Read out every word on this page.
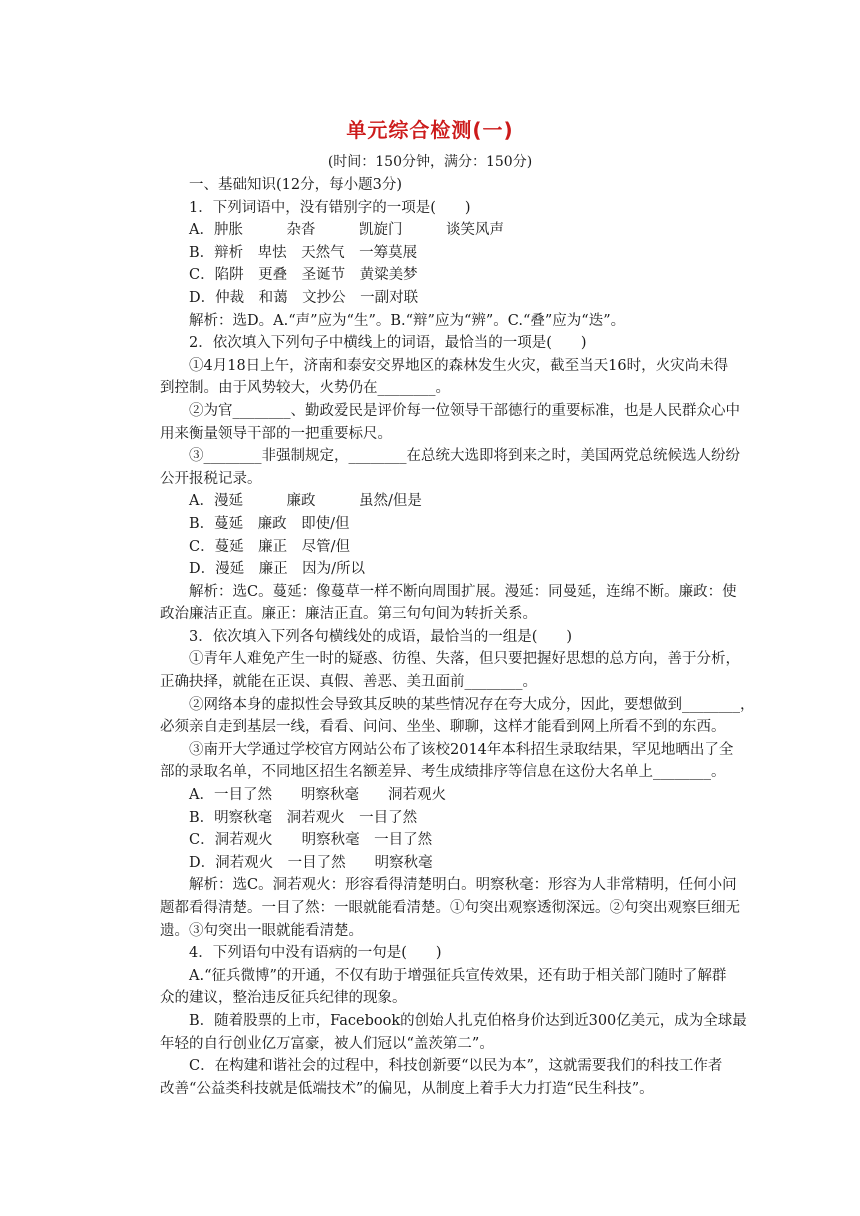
单元综合检测(一)
(时间：150分钟，满分：150分)
一、基础知识(12分，每小题3分)
1．下列词语中，没有错别字的一项是(　　)
A．肿胀　　　杂沓　　　凯旋门　　　谈笑风声
B．辩析　卑怯　天然气　一筹莫展
C．陷阱　更叠　圣诞节　黄粱美梦
D．仲裁　和蔼　文抄公　一副对联
解析：选D。A.“声”应为“生”。B.“辩”应为“辨”。C.“叠”应为“迭”。
2．依次填入下列句子中横线上的词语，最恰当的一项是(　　)
①4月18日上午，济南和泰安交界地区的森林发生火灾，截至当天16时，火灾尚未得
到控制。由于风势较大，火势仍在________。
②为官________、勤政爱民是评价每一位领导干部德行的重要标准，也是人民群众心中
用来衡量领导干部的一把重要标尺。
③________非强制规定，________在总统大选即将到来之时，美国两党总统候选人纷纷
公开报税记录。
A．漫延　　　廉政　　　虽然/但是
B．蔓延　廉政　即使/但
C．蔓延　廉正　尽管/但
D．漫延　廉正　因为/所以
解析：选C。蔓延：像蔓草一样不断向周围扩展。漫延：同曼延，连绵不断。廉政：使
政治廉洁正直。廉正：廉洁正直。第三句句间为转折关系。
3．依次填入下列各句横线处的成语，最恰当的一组是(　　)
①青年人难免产生一时的疑惑、彷徨、失落，但只要把握好思想的总方向，善于分析，
正确抉择，就能在正误、真假、善恶、美丑面前________。
②网络本身的虚拟性会导致其反映的某些情况存在夸大成分，因此，要想做到________，
必须亲自走到基层一线，看看、问问、坐坐、聊聊，这样才能看到网上所看不到的东西。
③南开大学通过学校官方网站公布了该校2014年本科招生录取结果，罕见地晒出了全
部的录取名单，不同地区招生名额差异、考生成绩排序等信息在这份大名单上________。
A．一目了然　　明察秋毫　　洞若观火
B．明察秋毫　洞若观火　一目了然
C．洞若观火　　明察秋毫　一目了然
D．洞若观火　一目了然　　明察秋毫
解析：选C。洞若观火：形容看得清楚明白。明察秋毫：形容为人非常精明，任何小问
题都看得清楚。一目了然：一眼就能看清楚。①句突出观察透彻深远。②句突出观察巨细无
遗。③句突出一眼就能看清楚。
4．下列语句中没有语病的一句是(　　)
A.“征兵微博”的开通，不仅有助于增强征兵宣传效果，还有助于相关部门随时了解群
众的建议，整治违反征兵纪律的现象。
B．随着股票的上市，Facebook的创始人扎克伯格身价达到近300亿美元，成为全球最
年轻的自行创业亿万富豪，被人们冠以“盖茨第二”。
C．在构建和谐社会的过程中，科技创新要“以民为本”，这就需要我们的科技工作者
改善“公益类科技就是低端技术”的偏见，从制度上着手大力打造“民生科技”。
